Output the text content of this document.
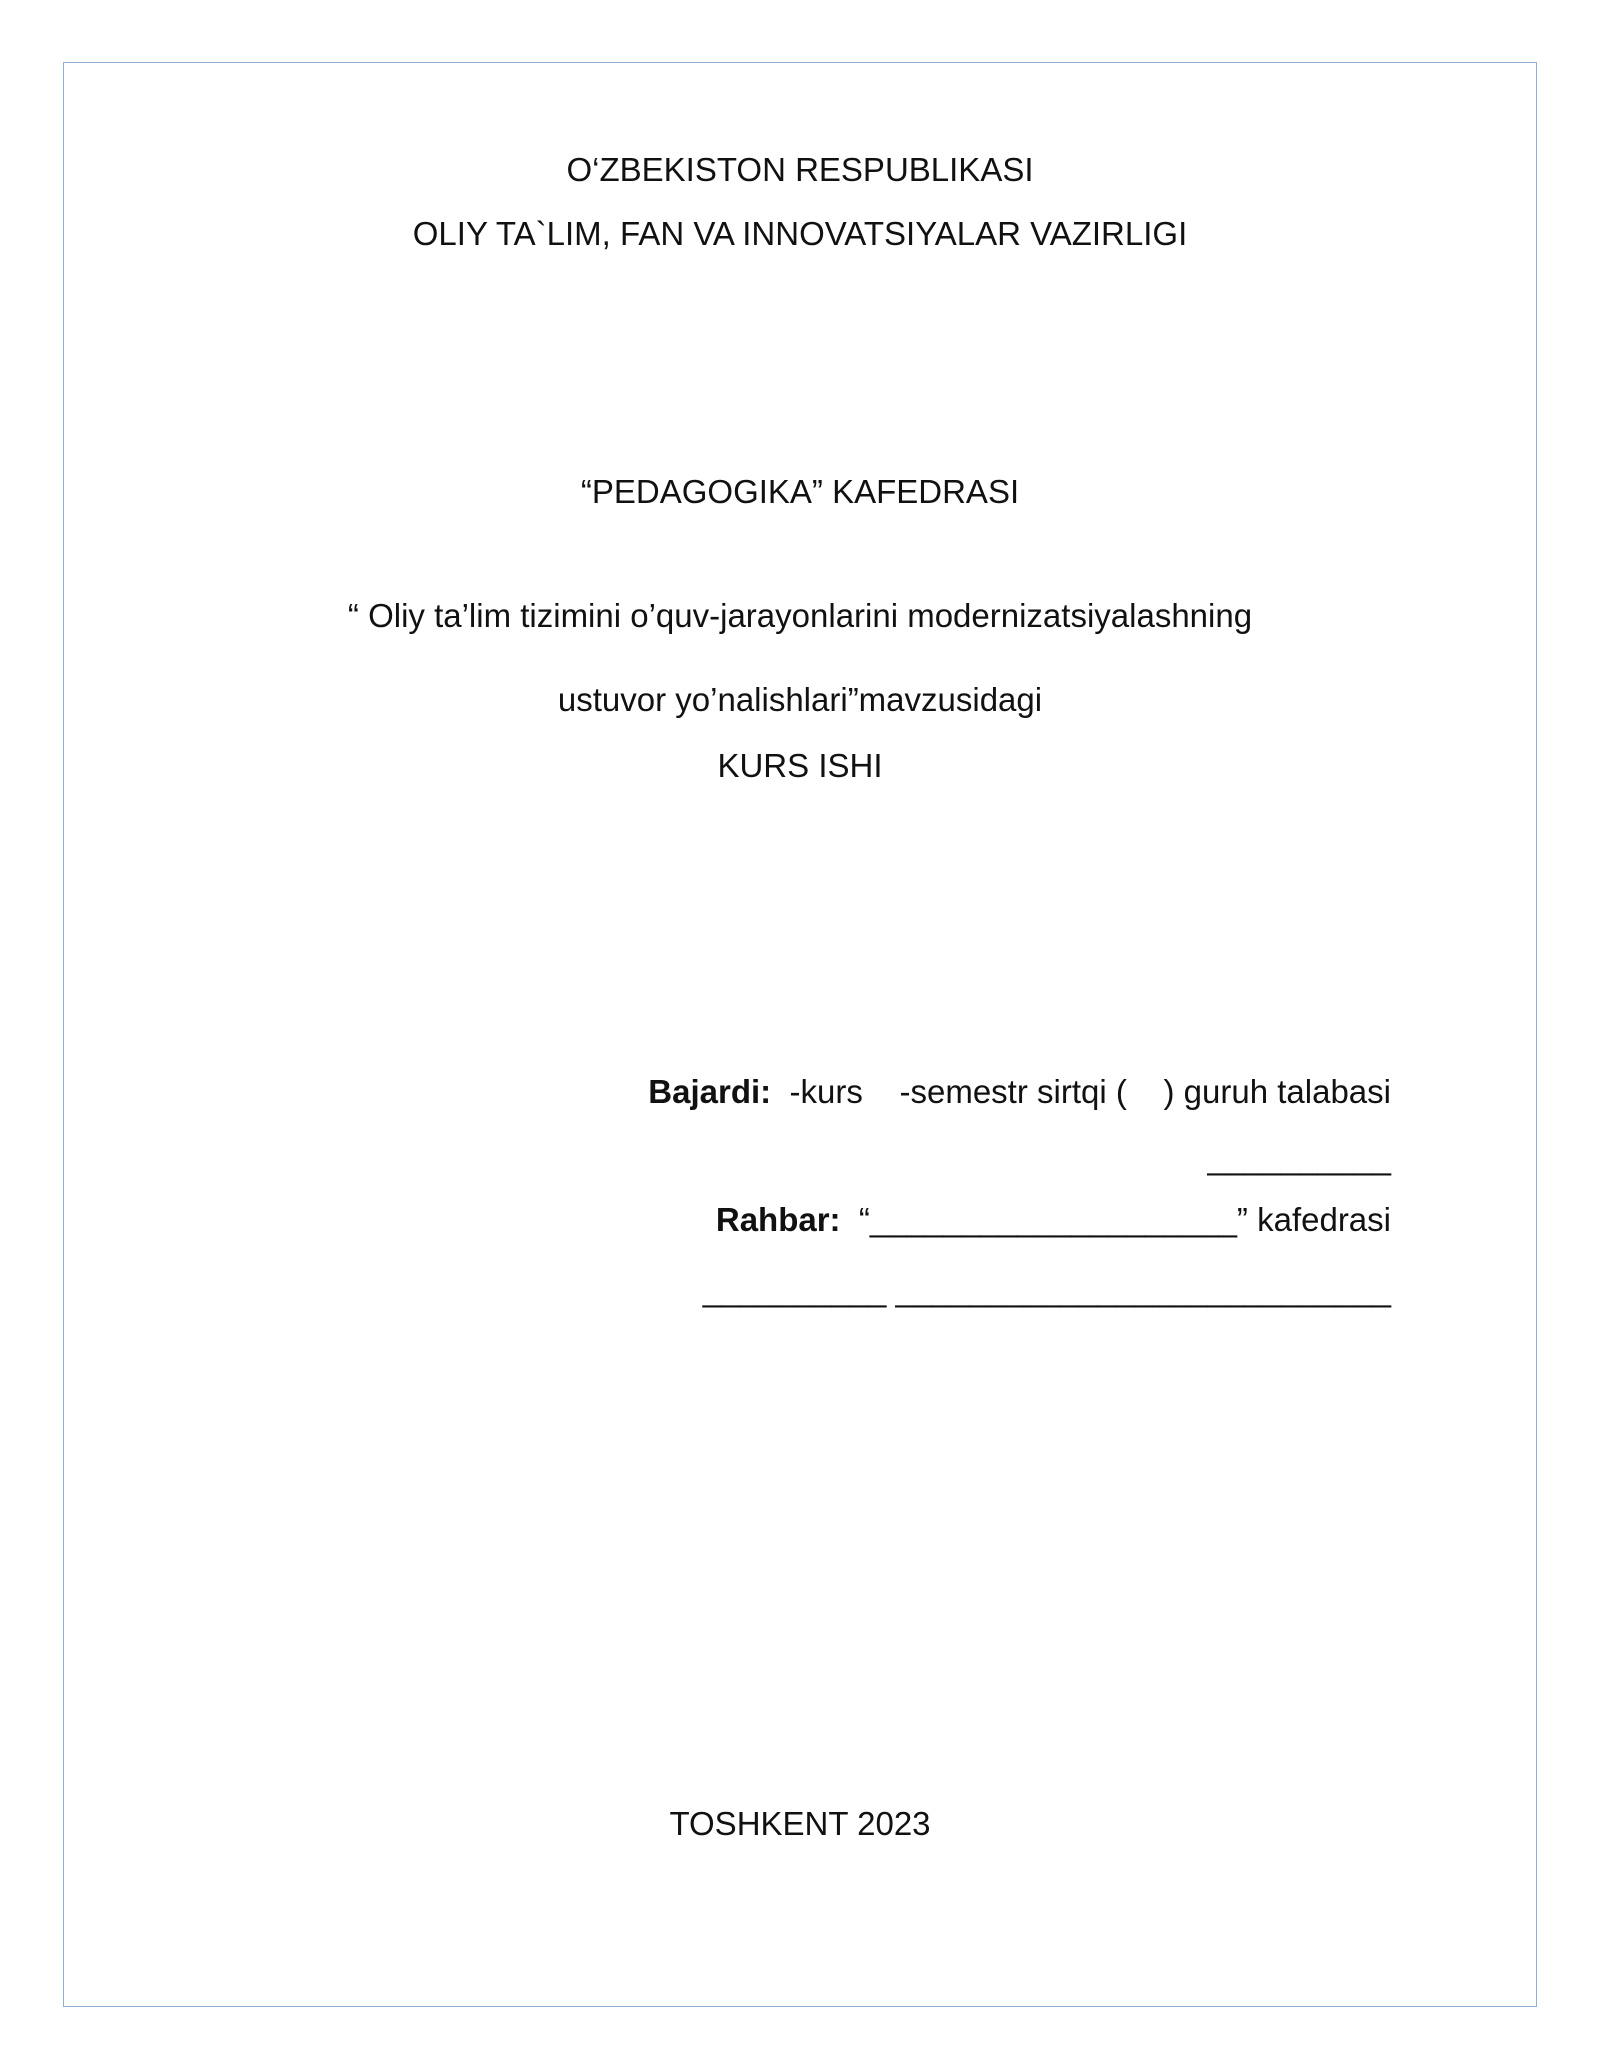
O‘ZBEKISTON RESPUBLIKASI
OLIY TA`LIM, FAN VA INNOVATSIYALAR VAZIRLIGI
“PEDAGOGIKA” KAFEDRASI
“ Oliy ta’lim tizimini o’quv-jarayonlarini modernizatsiyalashning
ustuvor yo’nalishlari”mavzusidagi
KURS ISHI
Bajardi:  -kurs    -semestr sirtqi (    ) guruh talabasi
__________
Rahbar:  “____________________” kafedrasi
__________ ___________________________
TOSHKENT 2023
